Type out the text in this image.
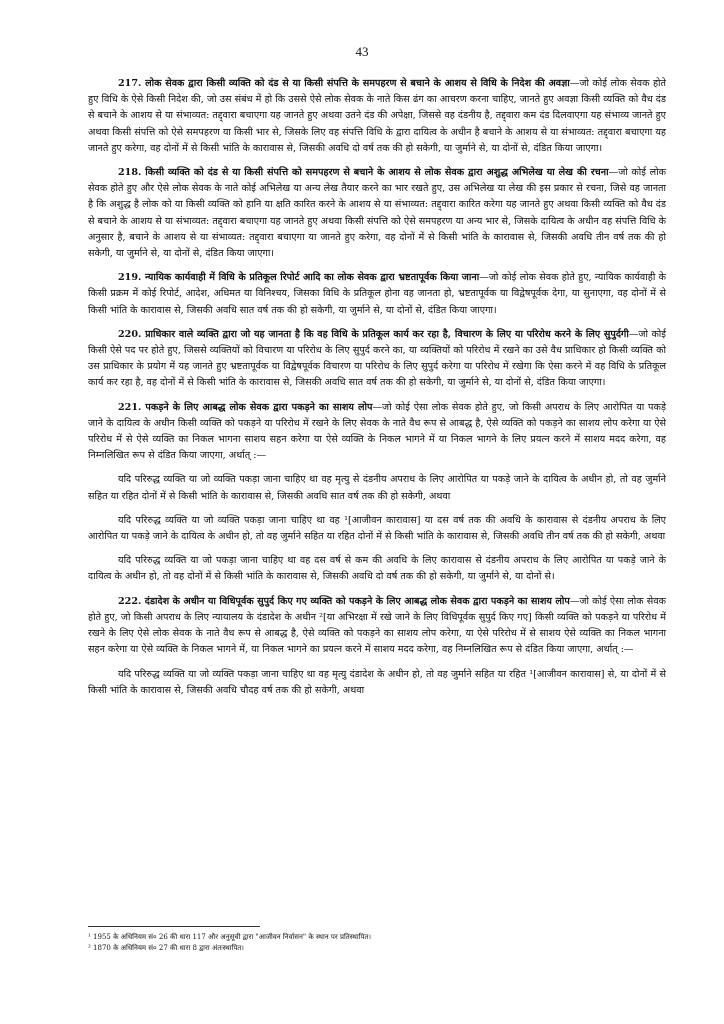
43

217. लोक सेवक द्वारा किसी व्यक्ति को दंड से या किसी संपत्ति के समपहरण से बचाने के आशय से विधि के निदेश की अवज्ञा—जो कोई लोक सेवक होते हुए विधि के ऐसे किसी निदेश की, जो उस संबंध में हो कि उससे ऐसे लोक सेवक के नाते किस ढंग का आचरण करना चाहिए, जानते हुए अवज्ञा किसी व्यक्ति को वैध दंड से बचाने के आशय से या संभाव्यत: तद्द्वारा बचाएगा यह जानते हुए अथवा उतने दंड की अपेक्षा, जिससे वह दंडनीय है, तद्द्वारा कम दंड दिलवाएगा यह संभाव्य जानते हुए अथवा किसी संपत्ति को ऐसे समपहरण या किसी भार से, जिसके लिए वह संपत्ति विधि के द्वारा दायित्व के अधीन है बचाने के आशय से या संभाव्यत: तद्द्वारा बचाएगा यह जानते हुए करेगा, वह दोनों में से किसी भांति के कारावास से, जिसकी अवधि दो वर्ष तक की हो सकेगी, या जुर्माने से, या दोनों से, दंडित किया जाएगा।

218. किसी व्यक्ति को दंड से या किसी संपत्ति को समपहरण से बचाने के आशय से लोक सेवक द्वारा अशुद्ध अभिलेख या लेख की रचना—जो कोई लोक सेवक होते हुए और ऐसे लोक सेवक के नाते कोई अभिलेख या अन्य लेख तैयार करने का भार रखते हुए, उस अभिलेख या लेख की इस प्रकार से रचना, जिसे वह जानता है कि अशुद्ध है लोक को या किसी व्यक्ति को हानि या क्षति कारित करने के आशय से या संभाव्यत: तद्द्वारा कारित करेगा यह जानते हुए अथवा किसी व्यक्ति को वैध दंड से बचाने के आशय से या संभाव्यत: तद्द्वारा बचाएगा यह जानते हुए अथवा किसी संपत्ति को ऐसे समपहरण या अन्य भार से, जिसके दायित्व के अधीन वह संपत्ति विधि के अनुसार है, बचाने के आशय से या संभाव्यत: तद्द्वारा बचाएगा या जानते हुए करेगा, वह दोनों में से किसी भांति के कारावास से, जिसकी अवधि तीन वर्ष तक की हो सकेगी, या जुर्माने से, या दोनों से, दंडित किया जाएगा।

219. न्यायिक कार्यवाही में विधि के प्रतिकूल रिपोर्ट आदि का लोक सेवक द्वारा भ्रष्टतापूर्वक किया जाना—जो कोई लोक सेवक होते हुए, न्यायिक कार्यवाही के किसी प्रक्रम में कोई रिपोर्ट, आदेश, अधिमत या विनिश्चय, जिसका विधि के प्रतिकूल होना वह जानता हो, भ्रष्टतापूर्वक या विद्वेषपूर्वक देगा, या सुनाएगा, वह दोनों में से किसी भांति के कारावास से, जिसकी अवधि सात वर्ष तक की हो सकेगी, या जुर्माने से, या दोनों से, दंडित किया जाएगा।

220. प्राधिकार वाले व्यक्ति द्वारा जो यह जानता है कि वह विधि के प्रतिकूल कार्य कर रहा है, विचारण के लिए या परिरोध करने के लिए सुपुर्दगी—जो कोई किसी ऐसे पद पर होते हुए, जिससे व्यक्तियों को विचारण या परिरोध के लिए सुपुर्द करने का, या व्यक्तियों को परिरोध में रखने का उसे वैध प्राधिकार हो किसी व्यक्ति को उस प्राधिकार के प्रयोग में यह जानते हुए भ्रष्टतापूर्वक या विद्वेषपूर्वक विचारण या परिरोध के लिए सुपुर्द करेगा या परिरोध में रखेगा कि ऐसा करने में वह विधि के प्रतिकूल कार्य कर रहा है, वह दोनों में से किसी भांति के कारावास से, जिसकी अवधि सात वर्ष तक की हो सकेगी, या जुर्माने से, या दोनों से, दंडित किया जाएगा।

221. पकड़ने के लिए आबद्ध लोक सेवक द्वारा पकड़ने का साशय लोप—जो कोई ऐसा लोक सेवक होते हुए, जो किसी अपराध के लिए आरोपित या पकड़े जाने के दायित्व के अधीन किसी व्यक्ति को पकड़ने या परिरोध में रखने के लिए सेवक के नाते वैध रूप से आबद्ध है, ऐसे व्यक्ति को पकड़ने का साशय लोप करेगा या ऐसे परिरोध में से ऐसे व्यक्ति का निकल भागना साशय सहन करेगा या ऐसे व्यक्ति के निकल भागने में या निकल भागने के लिए प्रयत्न करने में साशय मदद करेगा, वह निम्नलिखित रूप से दंडित किया जाएगा, अर्थात्‌ :—

यदि परिरुद्ध व्यक्ति या जो व्यक्ति पकड़ा जाना चाहिए था वह मृत्यु से दंडनीय अपराध के लिए आरोपित या पकड़े जाने के दायित्व के अधीन हो, तो वह जुर्माने सहित या रहित दोनों में से किसी भांति के कारावास से, जिसकी अवधि सात वर्ष तक की हो सकेगी, अथवा

यदि परिरुद्ध व्यक्ति या जो व्यक्ति पकड़ा जाना चाहिए था वह ¹[आजीवन कारावास] या दस वर्ष तक की अवधि के कारावास से दंडनीय अपराध के लिए आरोपित या पकड़े जाने के दायित्व के अधीन हो, तो वह जुर्माने सहित या रहित दोनों में से किसी भांति के कारावास से, जिसकी अवधि तीन वर्ष तक की हो सकेगी, अथवा

यदि परिरुद्ध व्यक्ति या जो पकड़ा जाना चाहिए था वह दस वर्ष से कम की अवधि के लिए कारावास से दंडनीय अपराध के लिए आरोपित या पकड़े जाने के दायित्व के अधीन हो, तो वह दोनों में से किसी भांति के कारावास से, जिसकी अवधि दो वर्ष तक की हो सकेगी, या जुर्माने से, या दोनों से।

222. दंडादेश के अधीन या विधिपूर्वक सुपुर्द किए गए व्यक्ति को पकड़ने के लिए आबद्ध लोक सेवक द्वारा पकड़ने का साशय लोप—जो कोई ऐसा लोक सेवक होते हुए, जो किसी अपराध के लिए न्यायालय के दंडादेश के अधीन ²[या अभिरक्षा में रखे जाने के लिए विधिपूर्वक सुपुर्द किए गए] किसी व्यक्ति को पकड़ने या परिरोध में रखने के लिए ऐसे लोक सेवक के नाते वैध रूप से आबद्ध है, ऐसे व्यक्ति को पकड़ने का साशय लोप करेगा, या ऐसे परिरोध में से साशय ऐसे व्यक्ति का निकल भागना सहन करेगा या ऐसे व्यक्ति के निकल भागने में, या निकल भागने का प्रयत्न करने में साशय मदद करेगा, वह निम्नलिखित रूप से दंडित किया जाएगा, अर्थात्‌ :—

यदि परिरुद्ध व्यक्ति या जो व्यक्ति पकड़ा जाना चाहिए था वह मृत्यु दंडादेश के अधीन हो, तो वह जुर्माने सहित या रहित ¹[आजीवन कारावास] से, या दोनों में से किसी भांति के कारावास से, जिसकी अवधि चौदह वर्ष तक की हो सकेगी, अथवा

¹ 1955 के अधिनियम सं० 26 की धारा 117 और अनुसूची द्वारा "आजीवन निर्वासन" के स्थान पर प्रतिस्थापित।
² 1870 के अधिनियम सं० 27 की धारा 8 द्वारा अंतःस्थापित।
